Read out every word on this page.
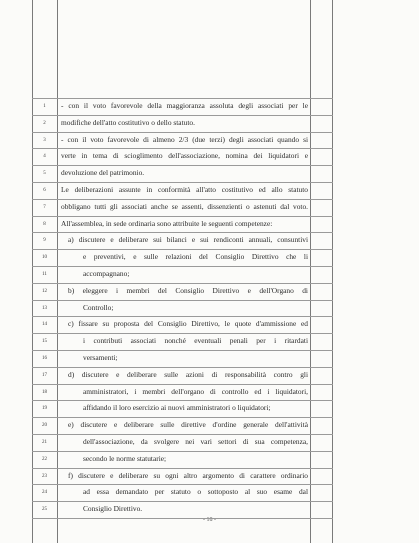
1	- con il voto favorevole della maggioranza assoluta degli associati per le
2	modifiche dell'atto costitutivo o dello statuto.
3	- con il voto favorevole di almeno 2/3 (due terzi) degli associati quando si
4	verte in tema di scioglimento dell'associazione, nomina dei liquidatori e
5	devoluzione del patrimonio.
6	Le deliberazioni assunte in conformità all'atto costitutivo ed allo statuto
7	obbligano tutti gli associati anche se assenti, dissenzienti o astenuti dal voto.
8	All'assemblea, in sede ordinaria sono attribuite le seguenti competenze:
9	a) discutere e deliberare sui bilanci e sui rendiconti annuali, consuntivi
10	e preventivi, e sulle relazioni del Consiglio Direttivo che li
11	accompagnano;
12	b) eleggere i membri del Consiglio Direttivo e dell'Organo di
13	Controllo;
14	c) fissare su proposta del Consiglio Direttivo, le quote d'ammissione ed
15	i contributi associati nonché eventuali penali per i ritardati
16	versamenti;
17	d) discutere e deliberare sulle azioni di responsabilità contro gli
18	amministratori, i membri dell'organo di controllo ed i liquidatori,
19	affidando il loro esercizio ai nuovi amministratori o liquidatori;
20	e) discutere e deliberare sulle direttive d'ordine generale dell'attività
21	dell'associazione, da svolgere nei vari settori di sua competenza,
22	secondo le norme statutarie;
23	f) discutere e deliberare su ogni altro argomento di carattere ordinario
24	ad essa demandato per statuto o sottoposto al suo esame dal
25	Consiglio Direttivo.
- 18 -
